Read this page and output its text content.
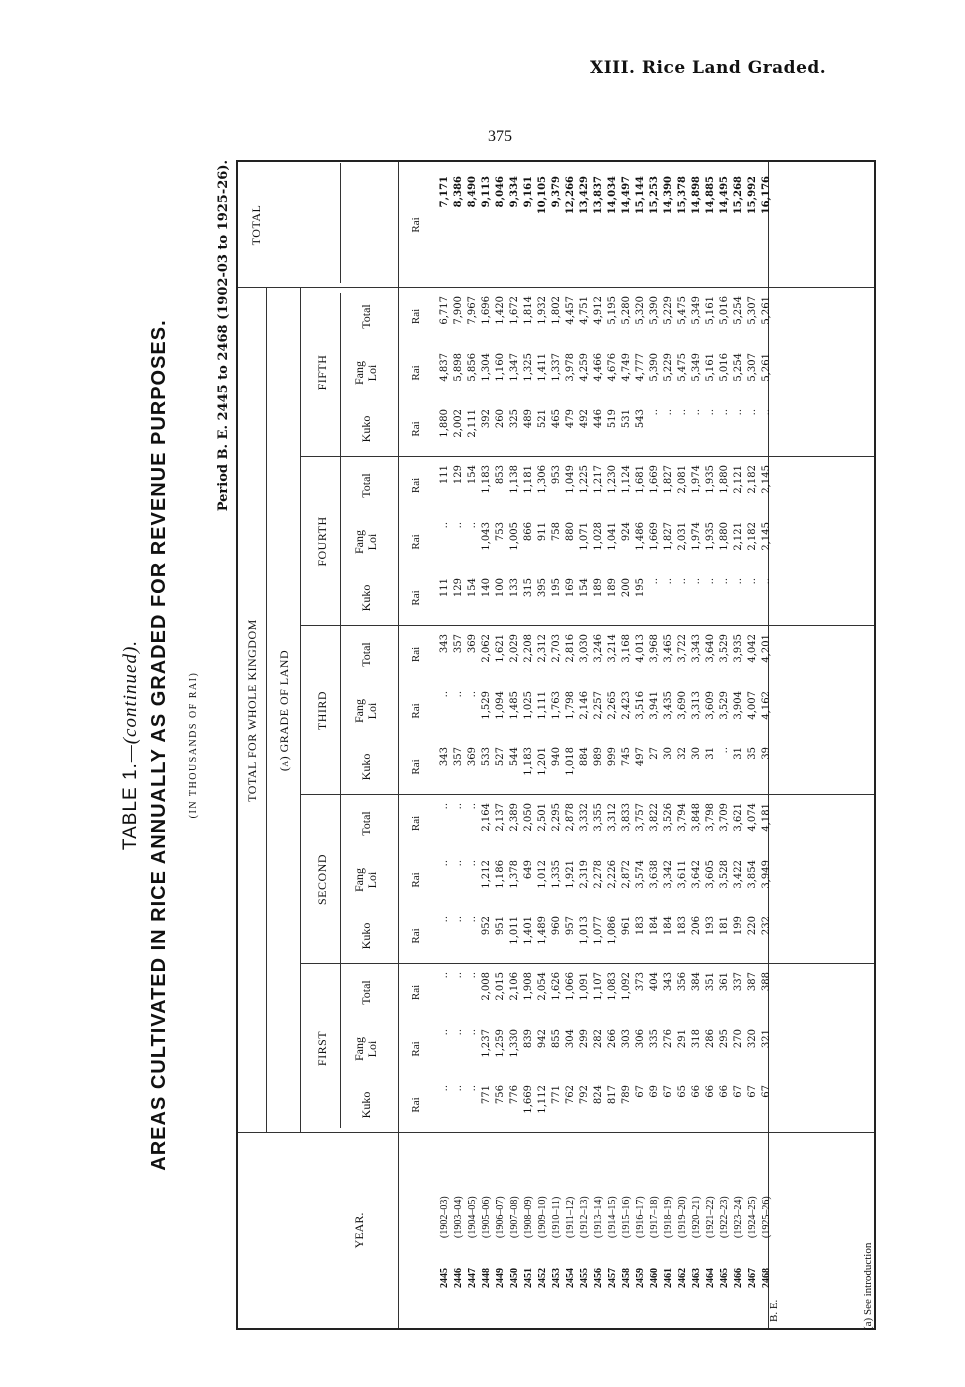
XIII. Rice Land Graded.
375
TABLE 1.—(continued). AREAS CULTIVATED IN RICE ANNUALLY AS GRADED FOR REVENUE PURPOSES. (IN THOUSANDS OF RAI)
Period B. E. 2445 to 2468 (1902-03 to 1925-26).
YEAR.
TOTAL FOR WHOLE KINGDOM (a) GRADE OF LAND
TOTAL
FIRST
SECOND
THIRD
FOURTH
FIFTH
Kuko
Fang
Loi
Total
Kuko
Fang
Loi
Total
Kuko
Fang
Loi
Total
Kuko
Fang
Loi
Total
Kuko
Fang
Loi
Total
Rai
Rai
Rai
Rai
Rai
Rai
Rai
Rai
Rai
Rai
Rai
Rai
Rai
Rai
Rai
Rai
B. E.
2445 2446 2447 2448 2449 2450 2451 2452 2453 2454 2455 2456 2457 2458 2459 2460 2461 2462 2463 2464 2465 2466 2467 2468
(1902–03) (1903–04) (1904–05) (1905–06) (1906–07) (1907–08) (1908–09) (1909–10) (1910–11) (1911–12) (1912–13) (1913–14) (1914–15) (1915–16) (1916–17) (1917–18) (1918–19) (1919–20) (1920–21) (1921–22) (1922–23) (1923–24) (1924–25) (1925–26)
.. .. .. 771 756 776 1,669 1,112 771 762 792 824 817 789 67 69 67 65 66 66 66 67 67 67
.. .. .. 1,237 1,259 1,330 839 942 855 304 299 282 266 303 306 335 276 291 318 286 295 270 320 321
.. .. .. 2,008 2,015 2,106 1,908 2,054 1,626 1,066 1,091 1,107 1,083 1,092 373 404 343 356 384 351 361 337 387 388
.. .. .. 952 951 1,011 1,401 1,489 960 957 1,013 1,077 1,086 961 183 184 184 183 206 193 181 199 220 232
.. .. .. 1,212 1,186 1,378 649 1,012 1,335 1,921 2,319 2,278 2,226 2,872 3,574 3,638 3,342 3,611 3,642 3,605 3,528 3,422 3,854 3,949
.. .. .. 2,164 2,137 2,389 2,050 2,501 2,295 2,878 3,332 3,355 3,312 3,833 3,757 3,822 3,526 3,794 3,848 3,798 3,709 3,621 4,074 4,181
343 357 369 533 527 544 1,183 1,201 940 1,018 884 989 999 745 497 27 30 32 30 31 .. 31 35 39
.. .. .. 1,529 1,094 1,485 1,025 1,111 1,763 1,798 2,146 2,257 2,265 2,423 3,516 3,941 3,435 3,690 3,313 3,609 3,529 3,904 4,007 4,162
343 357 369 2,062 1,621 2,029 2,208 2,312 2,703 2,816 3,030 3,246 3,214 3,168 4,013 3,968 3,465 3,722 3,343 3,640 3,529 3,935 4,042 4,201
111 129 154 140 100 133 315 395 195 169 154 189 189 200 195 .. .. .. .. .. .. .. .. ..
.. .. .. 1,043 753 1,005 866 911 758 880 1,071 1,028 1,041 924 1,486 1,669 1,827 2,031 1,974 1,935 1,880 2,121 2,182 2,145
111 129 154 1,183 853 1,138 1,181 1,306 953 1,049 1,225 1,217 1,230 1,124 1,681 1,669 1,827 2,081 1,974 1,935 1,880 2,121 2,182 2,145
1,880 2,002 2,111 392 260 325 489 521 465 479 492 446 519 531 543 .. .. .. .. .. .. .. .. ..
4,837 5,898 5,856 1,304 1,160 1,347 1,325 1,411 1,337 3,978 4,259 4,466 4,676 4,749 4,777 5,390 5,229 5,475 5,349 5,161 5,016 5,254 5,307 5,261
6,717 7,900 7,967 1,696 1,420 1,672 1,814 1,932 1,802 4,457 4,751 4,912 5,195 5,280 5,320 5,390 5,229 5,475 5,349 5,161 5,016 5,254 5,307 5,261
7,171 8,386 8,490 9,113 8,046 9,334 9,161 10,105 9,379 12,266 13,429 13,837 14,034 14,497 15,144 15,253 14,390 15,378 14,898 14,885 14,495 15,268 15,992 16,176
(a) See introduction
